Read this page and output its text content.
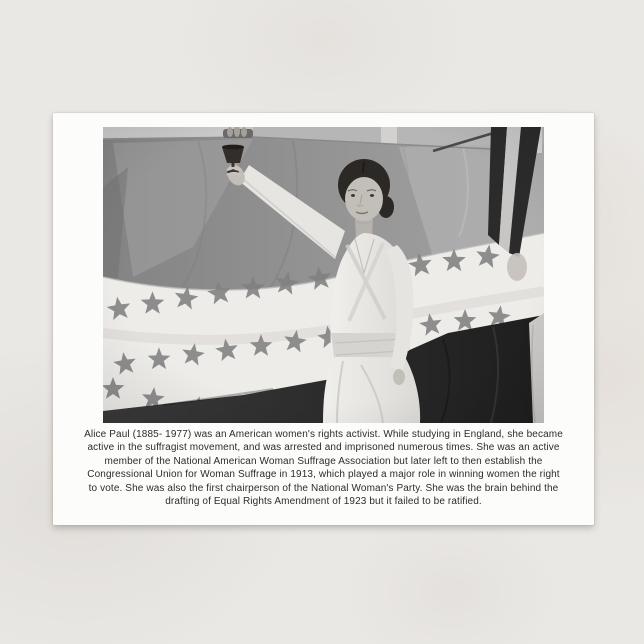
Alice Paul (1885- 1977) was an American women's rights activist. While studying in England, she became
active in the suffragist movement, and was arrested and imprisoned numerous times. She was an active
member of the National American Woman Suffrage Association but later left to then establish the
Congressional Union for Woman Suffrage in 1913, which played a major role in winning women the right
to vote. She was also the first chairperson of the National Woman's Party. She was the brain behind the
drafting of Equal Rights Amendment of 1923 but it failed to be ratified.
